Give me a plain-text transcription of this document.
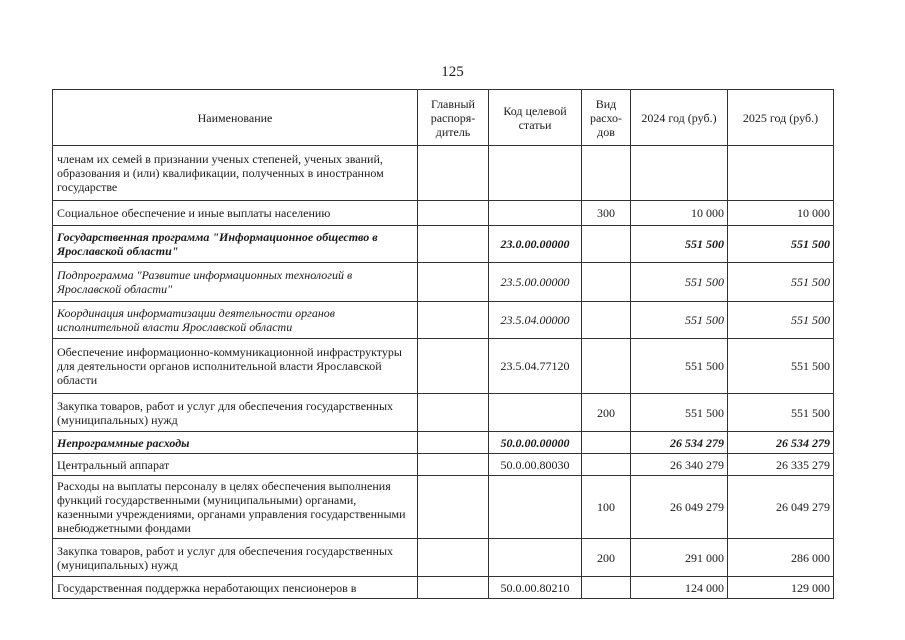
125
Наименование	Главный распоря-дитель	Код целевой статьи	Вид расхо-дов	2024 год (руб.)	2025 год (руб.)
членам их семей в признании ученых степеней, ученых званий, образования и (или) квалификации, полученных в иностранном государстве					
Социальное обеспечение и иные выплаты населению			300	10 000	10 000
Государственная программа "Информационное общество в Ярославской области"		23.0.00.00000		551 500	551 500
Подпрограмма "Развитие информационных технологий в Ярославской области"		23.5.00.00000		551 500	551 500
Координация информатизации деятельности органов исполнительной власти Ярославской области		23.5.04.00000		551 500	551 500
Обеспечение информационно-коммуникационной инфраструктуры для деятельности органов исполнительной власти Ярославской области		23.5.04.77120		551 500	551 500
Закупка товаров, работ и услуг для обеспечения государственных (муниципальных) нужд			200	551 500	551 500
Непрограммные расходы		50.0.00.00000		26 534 279	26 534 279
Центральный аппарат		50.0.00.80030		26 340 279	26 335 279
Расходы на выплаты персоналу в целях обеспечения выполнения функций государственными (муниципальными) органами, казенными учреждениями, органами управления государственными внебюджетными фондами			100	26 049 279	26 049 279
Закупка товаров, работ и услуг для обеспечения государственных (муниципальных) нужд			200	291 000	286 000
Государственная поддержка неработающих пенсионеров в		50.0.00.80210		124 000	129 000
